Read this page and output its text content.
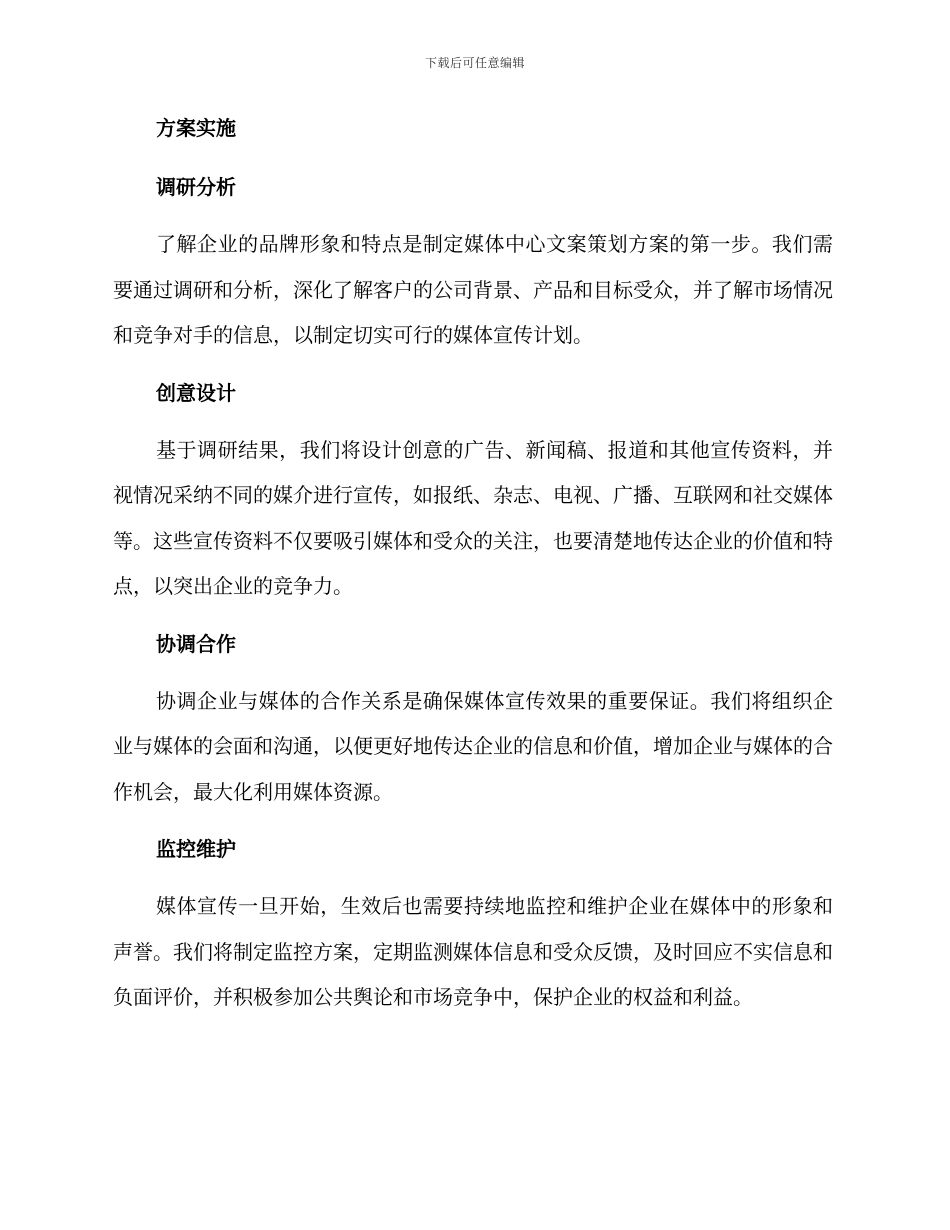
下载后可任意编辑

方案实施

调研分析

了解企业的品牌形象和特点是制定媒体中心文案策划方案的第一步。我们需要通过调研和分析，深化了解客户的公司背景、产品和目标受众，并了解市场情况和竞争对手的信息，以制定切实可行的媒体宣传计划。

创意设计

基于调研结果，我们将设计创意的广告、新闻稿、报道和其他宣传资料，并视情况采纳不同的媒介进行宣传，如报纸、杂志、电视、广播、互联网和社交媒体等。这些宣传资料不仅要吸引媒体和受众的关注，也要清楚地传达企业的价值和特点，以突出企业的竞争力。

协调合作

协调企业与媒体的合作关系是确保媒体宣传效果的重要保证。我们将组织企业与媒体的会面和沟通，以便更好地传达企业的信息和价值，增加企业与媒体的合作机会，最大化利用媒体资源。

监控维护

媒体宣传一旦开始，生效后也需要持续地监控和维护企业在媒体中的形象和声誉。我们将制定监控方案，定期监测媒体信息和受众反馈，及时回应不实信息和负面评价，并积极参加公共舆论和市场竞争中，保护企业的权益和利益。
